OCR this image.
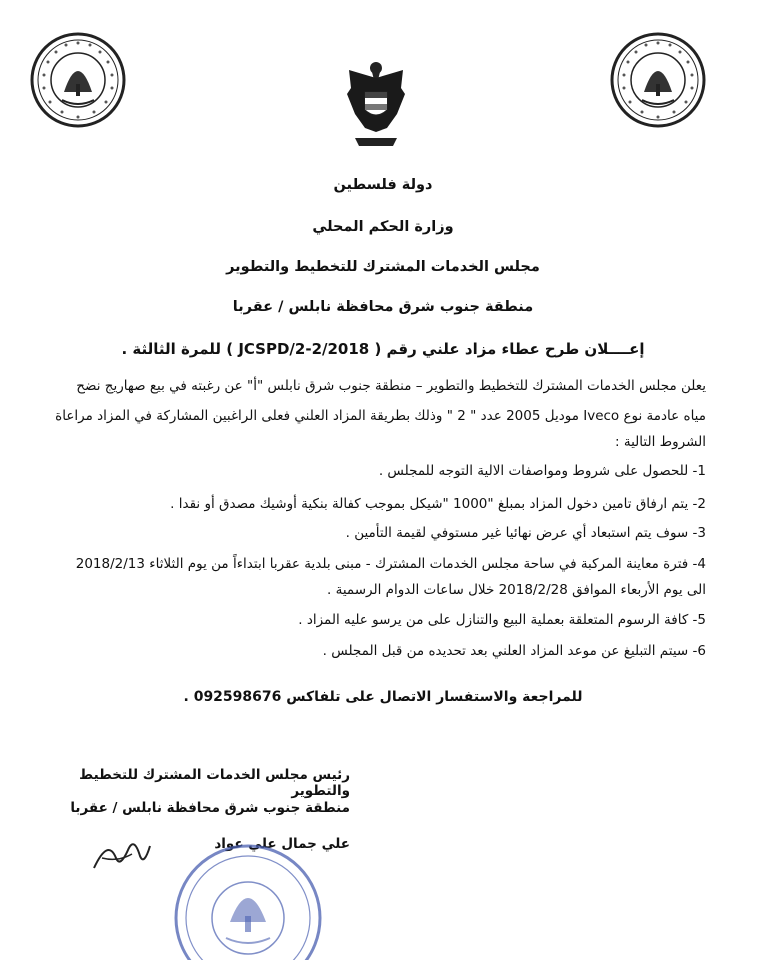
دولة فلسطين
وزارة الحكم المحلي
مجلس الخدمات المشترك للتخطيط والتطوير
منطقة جنوب شرق محافظة نابلس / عقربا
إعــــلان طرح عطاء مزاد علني رقم ( JCSPD/2-2/2018 ) للمرة الثالثة .
يعلن مجلس الخدمات المشترك للتخطيط والتطوير – منطقة جنوب شرق نابلس "أ" عن رغبته في بيع صهاريج نضح
مياه عادمة نوع Iveco موديل 2005 عدد " 2 " وذلك بطريقة المزاد العلني فعلى الراغبين المشاركة في المزاد مراعاة
الشروط التالية :
1- للحصول على شروط ومواصفات الالية التوجه للمجلس .
2- يتم ارفاق تامين دخول المزاد بمبلغ "1000 "شيكل بموجب كفالة بنكية أوشيك مصدق أو نقدا .
3- سوف يتم استبعاد أي عرض نهائيا غير مستوفي لقيمة التأمين .
4- فترة معاينة المركبة في ساحة مجلس الخدمات المشترك - مبنى بلدية عقربا ابتداءاً من يوم الثلاثاء 2018/2/13
الى يوم الأربعاء الموافق 2018/2/28 خلال ساعات الدوام الرسمية .
5- كافة الرسوم المتعلقة بعملية البيع والتنازل على من يرسو عليه المزاد .
6- سيتم التبليغ عن موعد المزاد العلني بعد تحديده من قبل المجلس .
للمراجعة والاستفسار الاتصال على تلفاكس 092598676 .
رئيس مجلس الخدمات المشترك للتخطيط والتطوير
منطقة جنوب شرق محافظة نابلس / عقربا
علي جمال علي عواد
